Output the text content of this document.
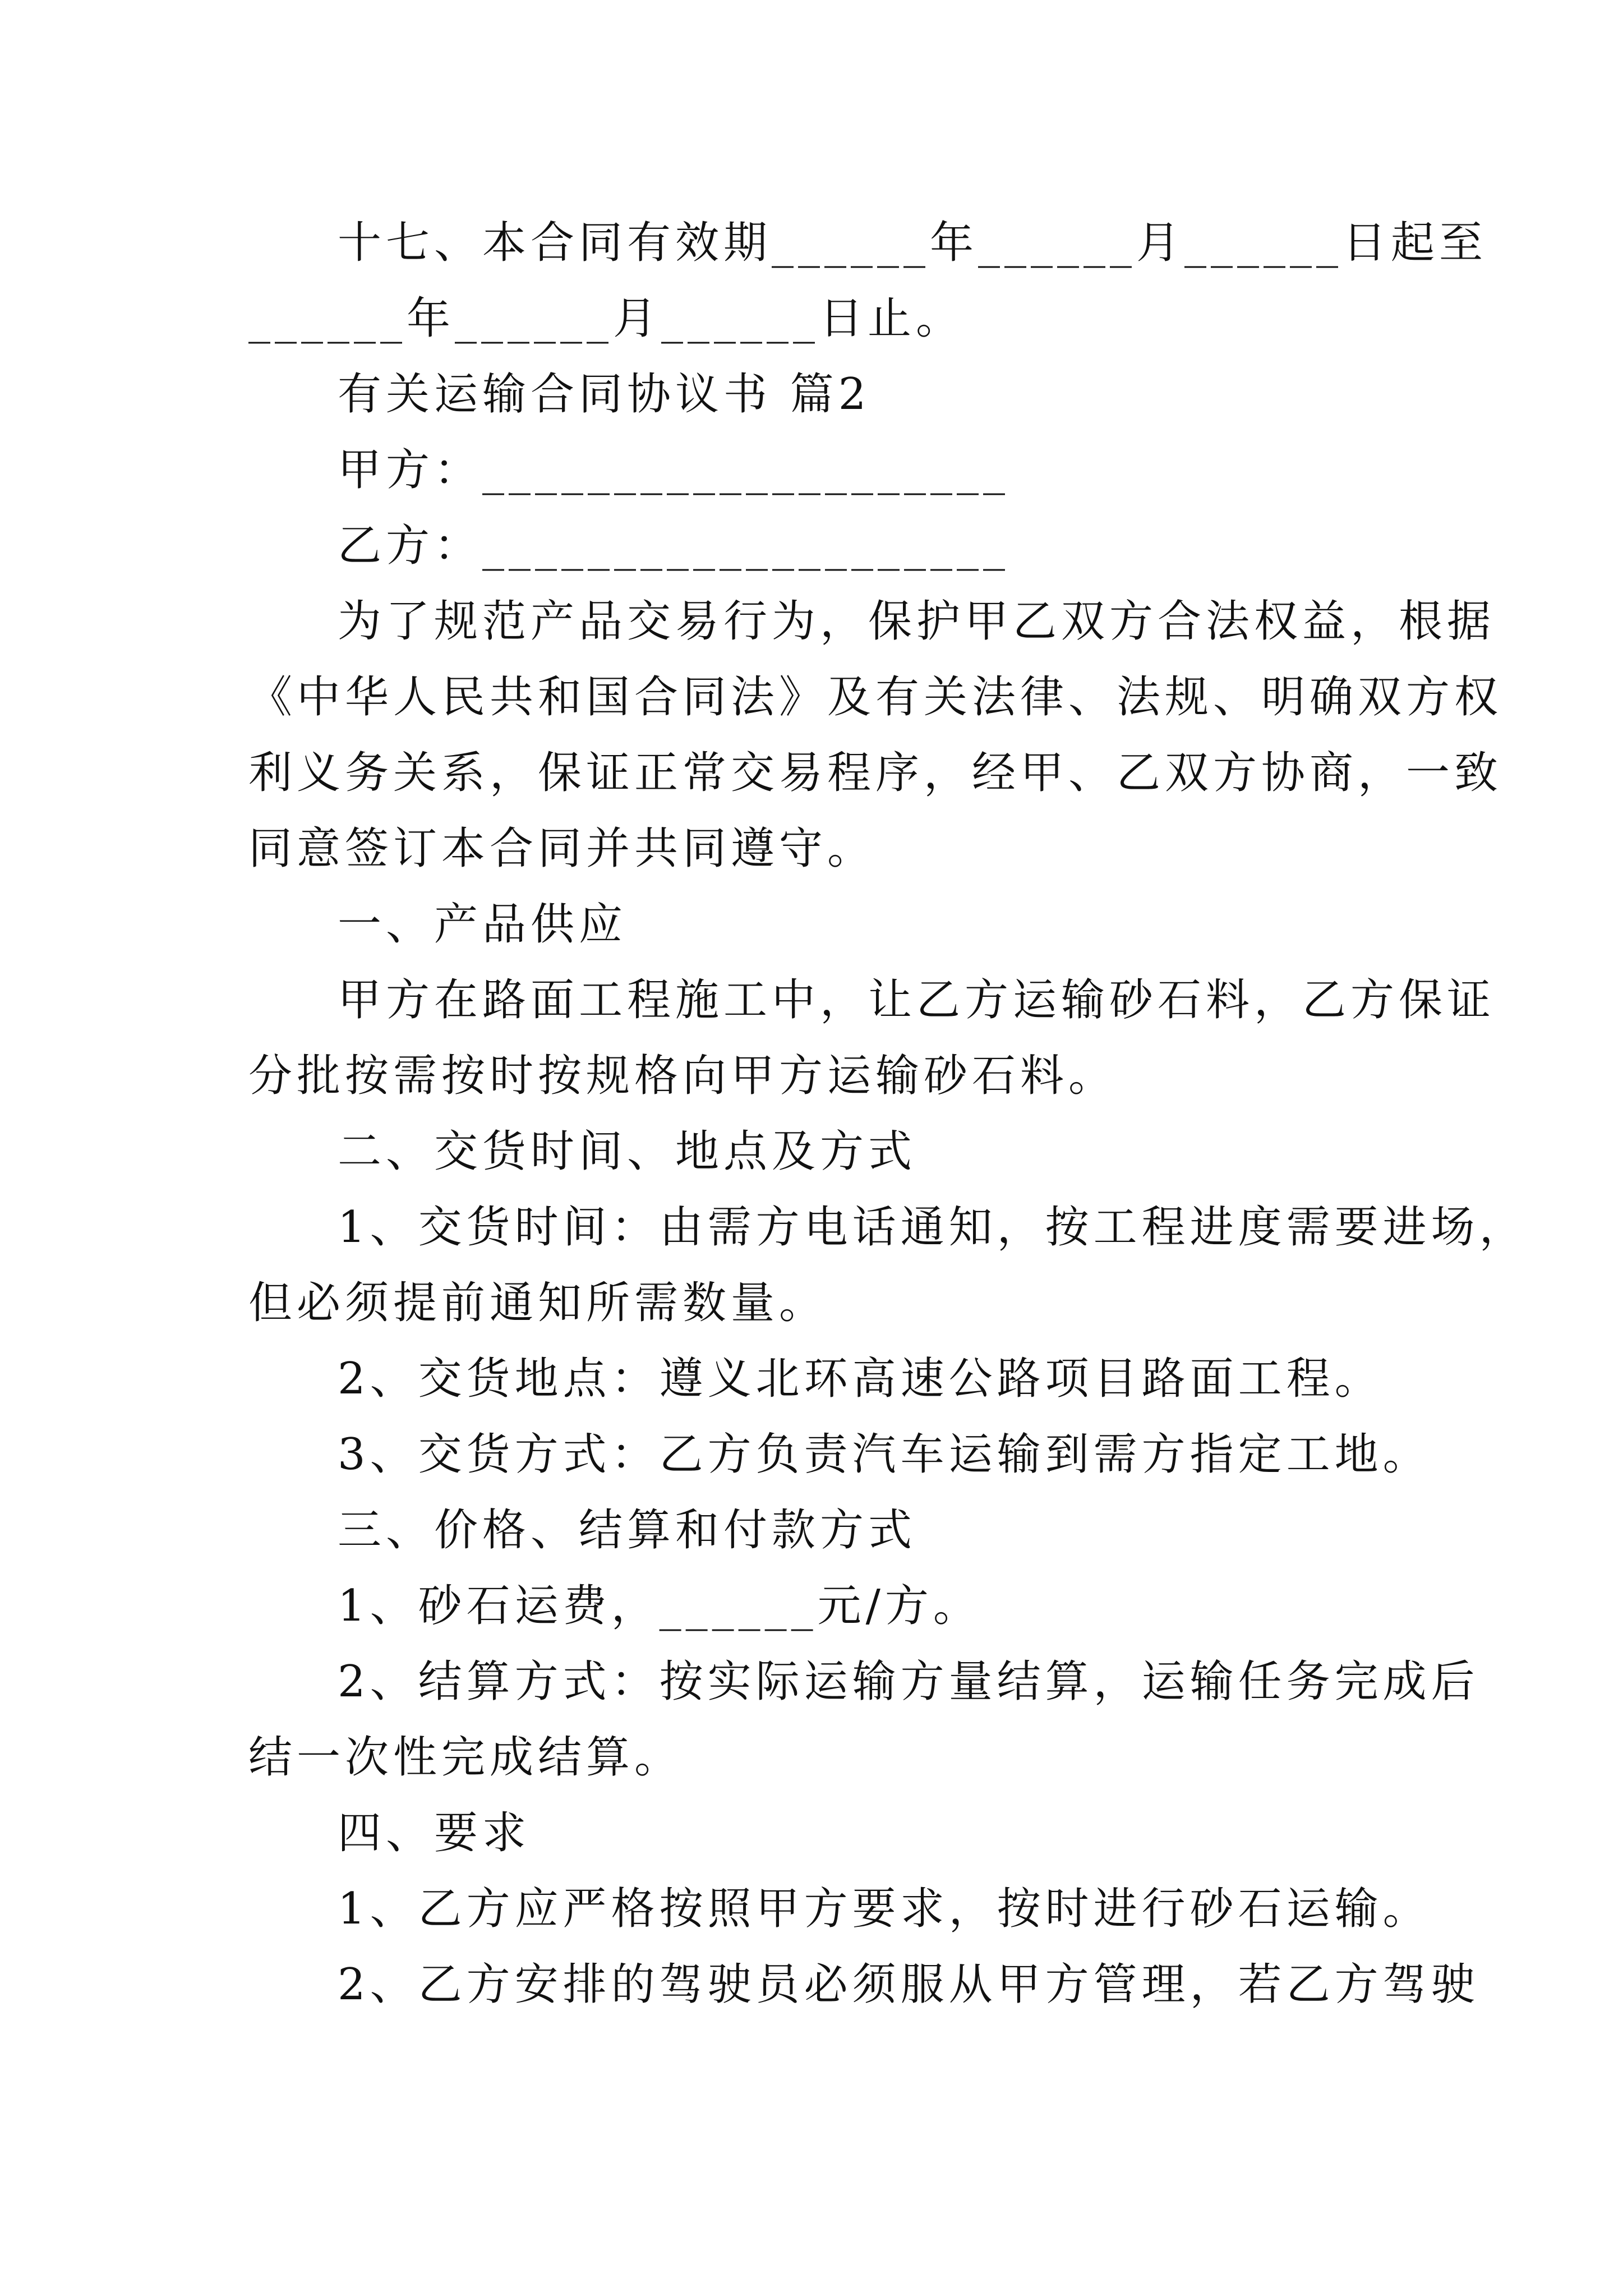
十七、本合同有效期______年______月______日起至
______年______月______日止。
有关运输合同协议书 篇2
甲方：____________________
乙方：____________________
为了规范产品交易行为，保护甲乙双方合法权益，根据
《中华人民共和国合同法》及有关法律、法规、明确双方权
利义务关系，保证正常交易程序，经甲、乙双方协商，一致
同意签订本合同并共同遵守。
一、产品供应
甲方在路面工程施工中，让乙方运输砂石料，乙方保证
分批按需按时按规格向甲方运输砂石料。
二、交货时间、地点及方式
1、交货时间：由需方电话通知，按工程进度需要进场，
但必须提前通知所需数量。
2、交货地点：遵义北环高速公路项目路面工程。
3、交货方式：乙方负责汽车运输到需方指定工地。
三、价格、结算和付款方式
1、砂石运费，______元/方。
2、结算方式：按实际运输方量结算，运输任务完成后
结一次性完成结算。
四、要求
1、乙方应严格按照甲方要求，按时进行砂石运输。
2、乙方安排的驾驶员必须服从甲方管理，若乙方驾驶
